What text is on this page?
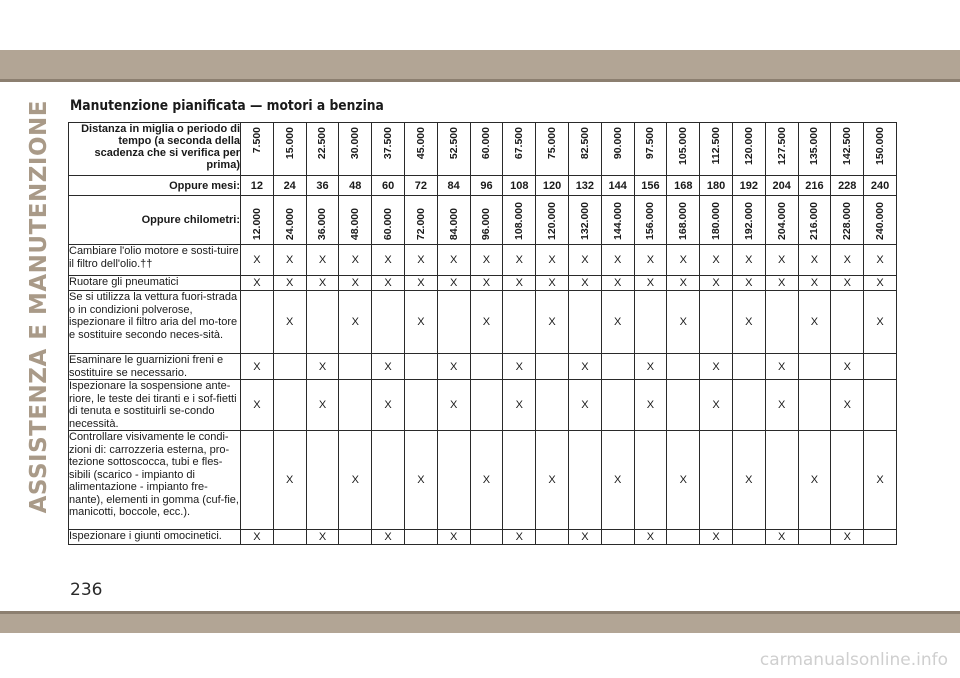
ASSISTENZA E MANUTENZIONE Manutenzione pianificata — motori a benzina
Distanza in miglia o periodo di tempo (a seconda della scadenza che si verifica per prima)	7.500	15.000	22.500	30.000	37.500	45.000	52.500	60.000	67.500	75.000	82.500	90.000	97.500	105.000	112.500	120.000	127.500	135.000	142.500	150.000

Oppure mesi:	12	24	36	48	60	72	84	96	108	120	132	144	156	168	180	192	204	216	228	240
Oppure chilometri:	12.000	24.000	36.000	48.000	60.000	72.000	84.000	96.000	108.000	120.000	132.000	144.000	156.000	168.000	180.000	192.000	204.000	216.000	228.000	240.000

Cambiare l'olio motore e sosti-tuire il filtro dell'olio.††	X	X	X	X	X	X	X	X	X	X	X	X	X	X	X	X	X	X	X	X
Ruotare gli pneumatici	X	X	X	X	X	X	X	X	X	X	X	X	X	X	X	X	X	X	X	X
Se si utilizza la vettura fuori-strada o in condizioni polverose, ispezionare il filtro aria del mo-tore e sostituire secondo neces-sità.		X		X		X		X		X		X		X		X		X		X
Esaminare le guarnizioni freni e sostituire se necessario.	X		X		X		X		X		X		X		X		X		X	
Ispezionare la sospensione ante-riore, le teste dei tiranti e i sof-fietti di tenuta e sostituirli se-condo necessità.	X		X		X		X		X		X		X		X		X		X	
Controllare visivamente le condi-zioni di: carrozzeria esterna, pro-tezione sottoscocca, tubi e fles-sibili (scarico - impianto di alimentazione - impianto fre-nante), elementi in gomma (cuf-fie, manicotti, boccole, ecc.).		X		X		X		X		X		X		X		X		X		X
Ispezionare i giunti omocinetici.	X		X		X		X		X		X		X		X		X		X	
236
carmanualsonline.info
